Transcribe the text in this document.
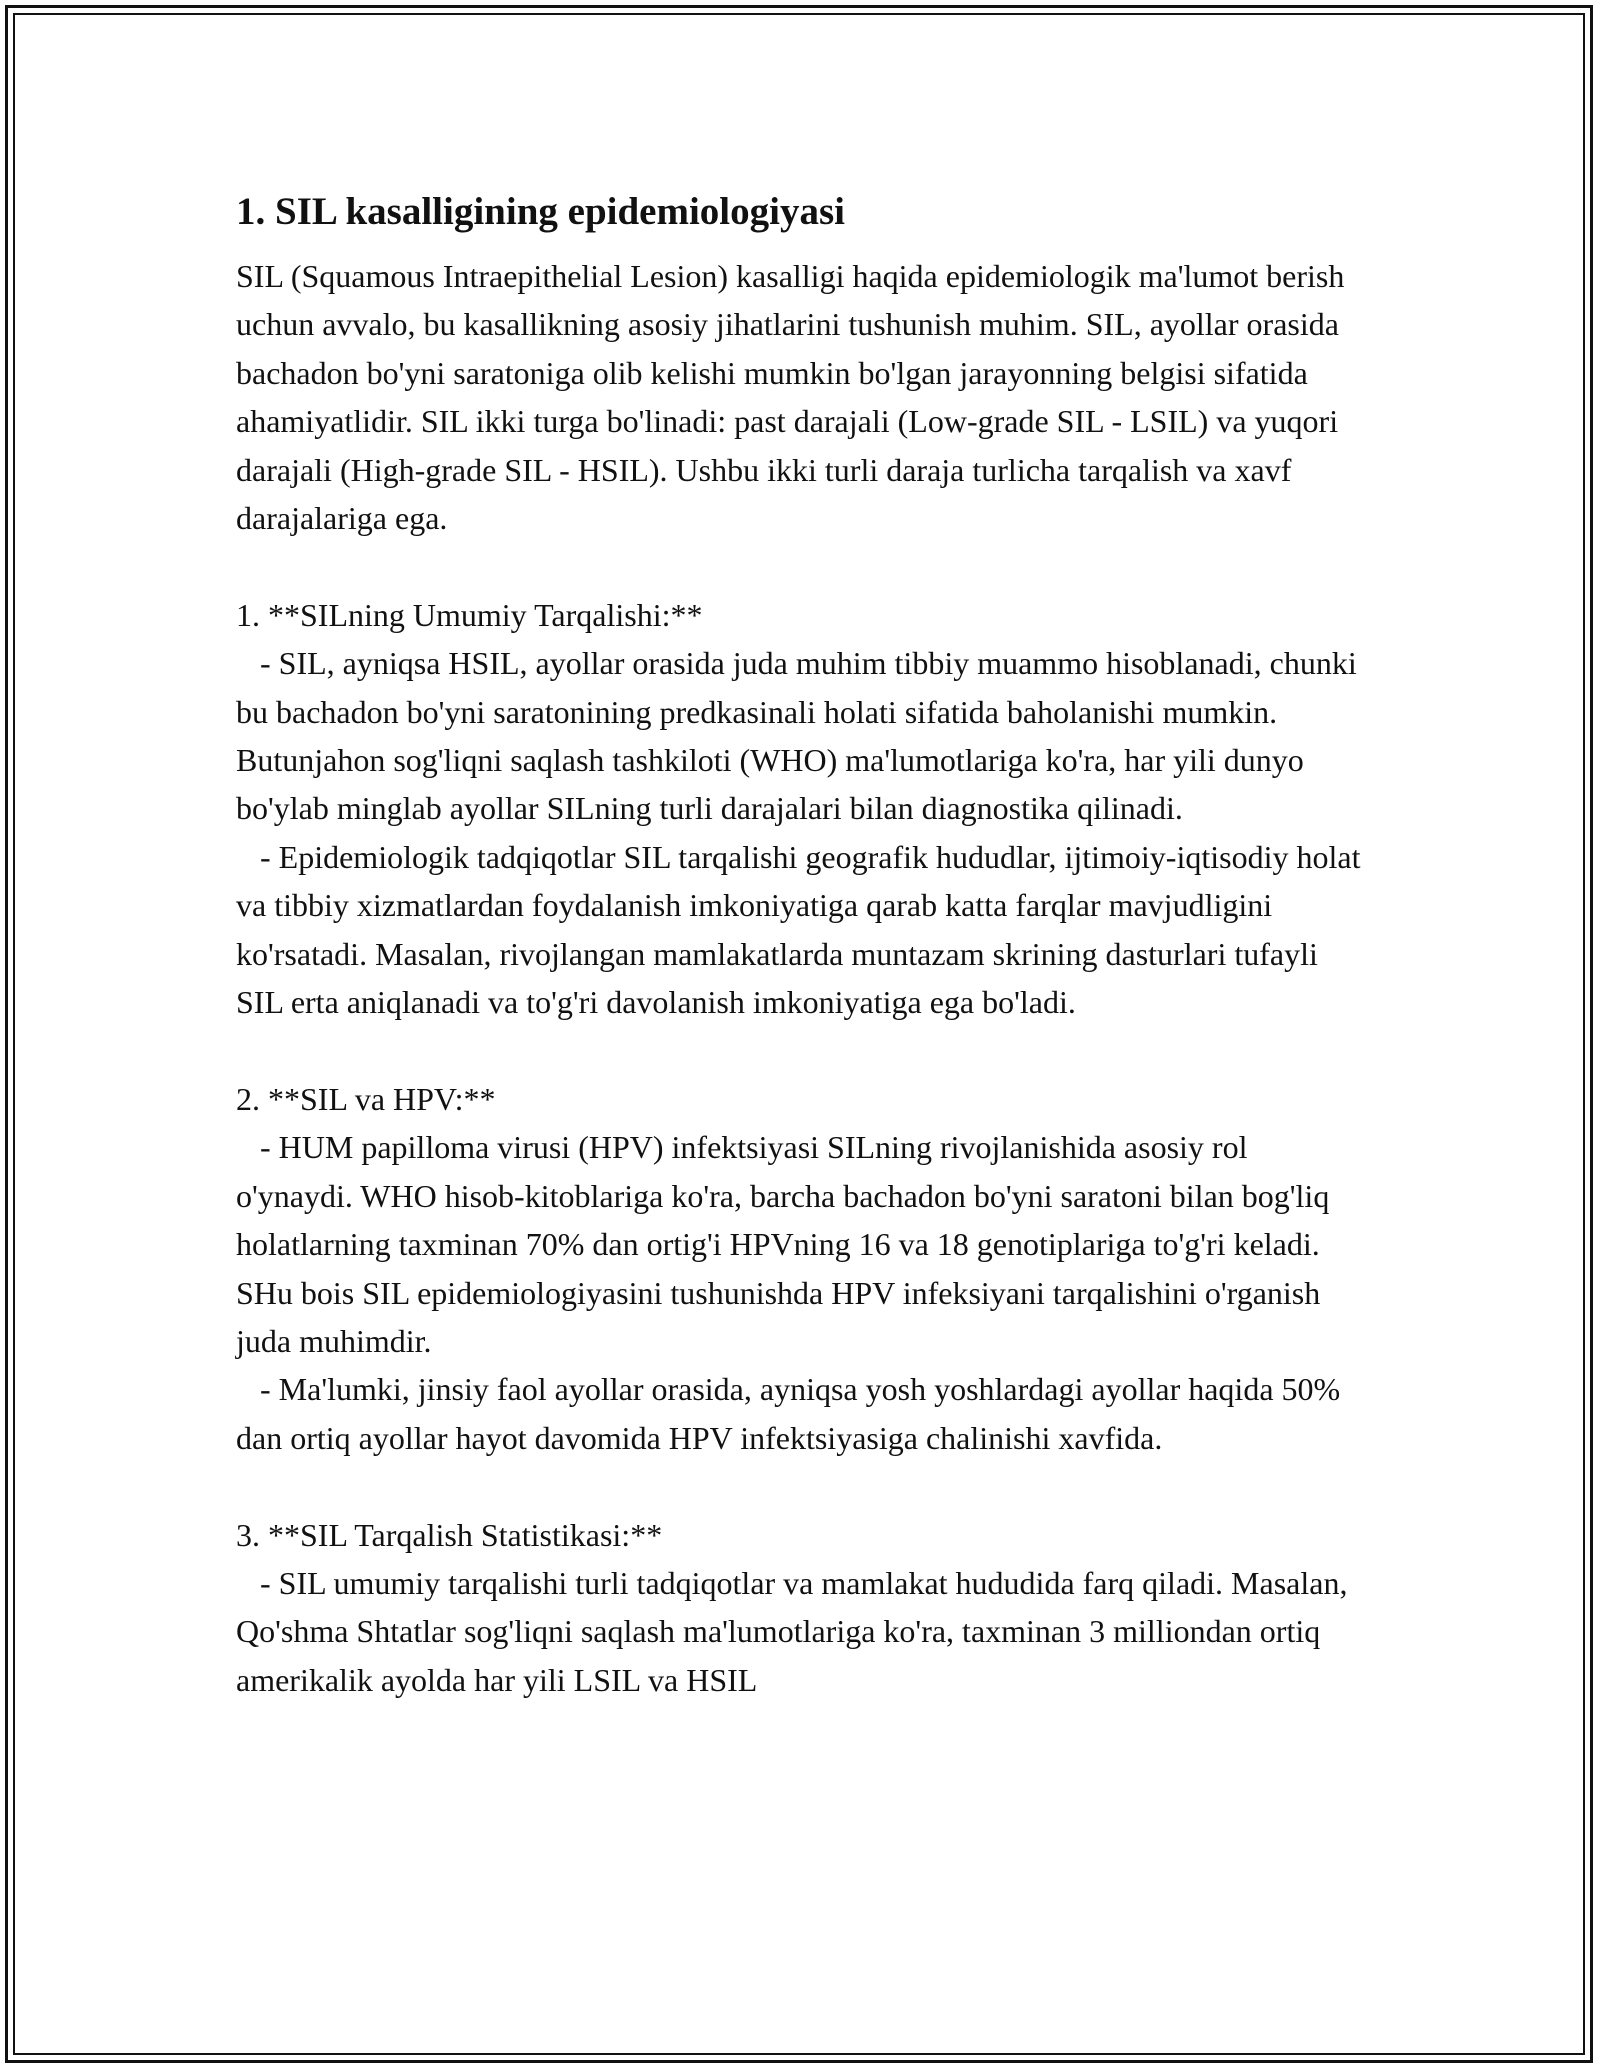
1. SIL kasalligining epidemiologiyasi

SIL (Squamous Intraepithelial Lesion) kasalligi haqida epidemiologik ma'lumot berish uchun avvalo, bu kasallikning asosiy jihatlarini tushunish muhim. SIL, ayollar orasida bachadon bo'yni saratoniga olib kelishi mumkin bo'lgan jarayonning belgisi sifatida ahamiyatlidir. SIL ikki turga bo'linadi: past darajali (Low-grade SIL - LSIL) va yuqori darajali (High-grade SIL - HSIL). Ushbu ikki turli daraja turlicha tarqalish va xavf darajalariga ega.

1. **SILning Umumiy Tarqalishi:**

- SIL, ayniqsa HSIL, ayollar orasida juda muhim tibbiy muammo hisoblanadi, chunki bu bachadon bo'yni saratonining predkasinali holati sifatida baholanishi mumkin. Butunjahon sog'liqni saqlash tashkiloti (WHO) ma'lumotlariga ko'ra, har yili dunyo bo'ylab minglab ayollar SILning turli darajalari bilan diagnostika qilinadi.

- Epidemiologik tadqiqotlar SIL tarqalishi geografik hududlar, ijtimoiy-iqtisodiy holat va tibbiy xizmatlardan foydalanish imkoniyatiga qarab katta farqlar mavjudligini ko'rsatadi. Masalan, rivojlangan mamlakatlarda muntazam skrining dasturlari tufayli SIL erta aniqlanadi va to'g'ri davolanish imkoniyatiga ega bo'ladi.

2. **SIL va HPV:**

- HUM papilloma virusi (HPV) infektsiyasi SILning rivojlanishida asosiy rol o'ynaydi. WHO hisob-kitoblariga ko'ra, barcha bachadon bo'yni saratoni bilan bog'liq holatlarning taxminan 70% dan ortig'i HPVning 16 va 18 genotiplariga to'g'ri keladi. SHu bois SIL epidemiologiyasini tushunishda HPV infeksiyani tarqalishini o'rganish juda muhimdir.

- Ma'lumki, jinsiy faol ayollar orasida, ayniqsa yosh yoshlardagi ayollar haqida 50% dan ortiq ayollar hayot davomida HPV infektsiyasiga chalinishi xavfida.

3. **SIL Tarqalish Statistikasi:**

- SIL umumiy tarqalishi turli tadqiqotlar va mamlakat hududida farq qiladi. Masalan, Qo'shma Shtatlar sog'liqni saqlash ma'lumotlariga ko'ra, taxminan 3 milliondan ortiq amerikalik ayolda har yili LSIL va HSIL
